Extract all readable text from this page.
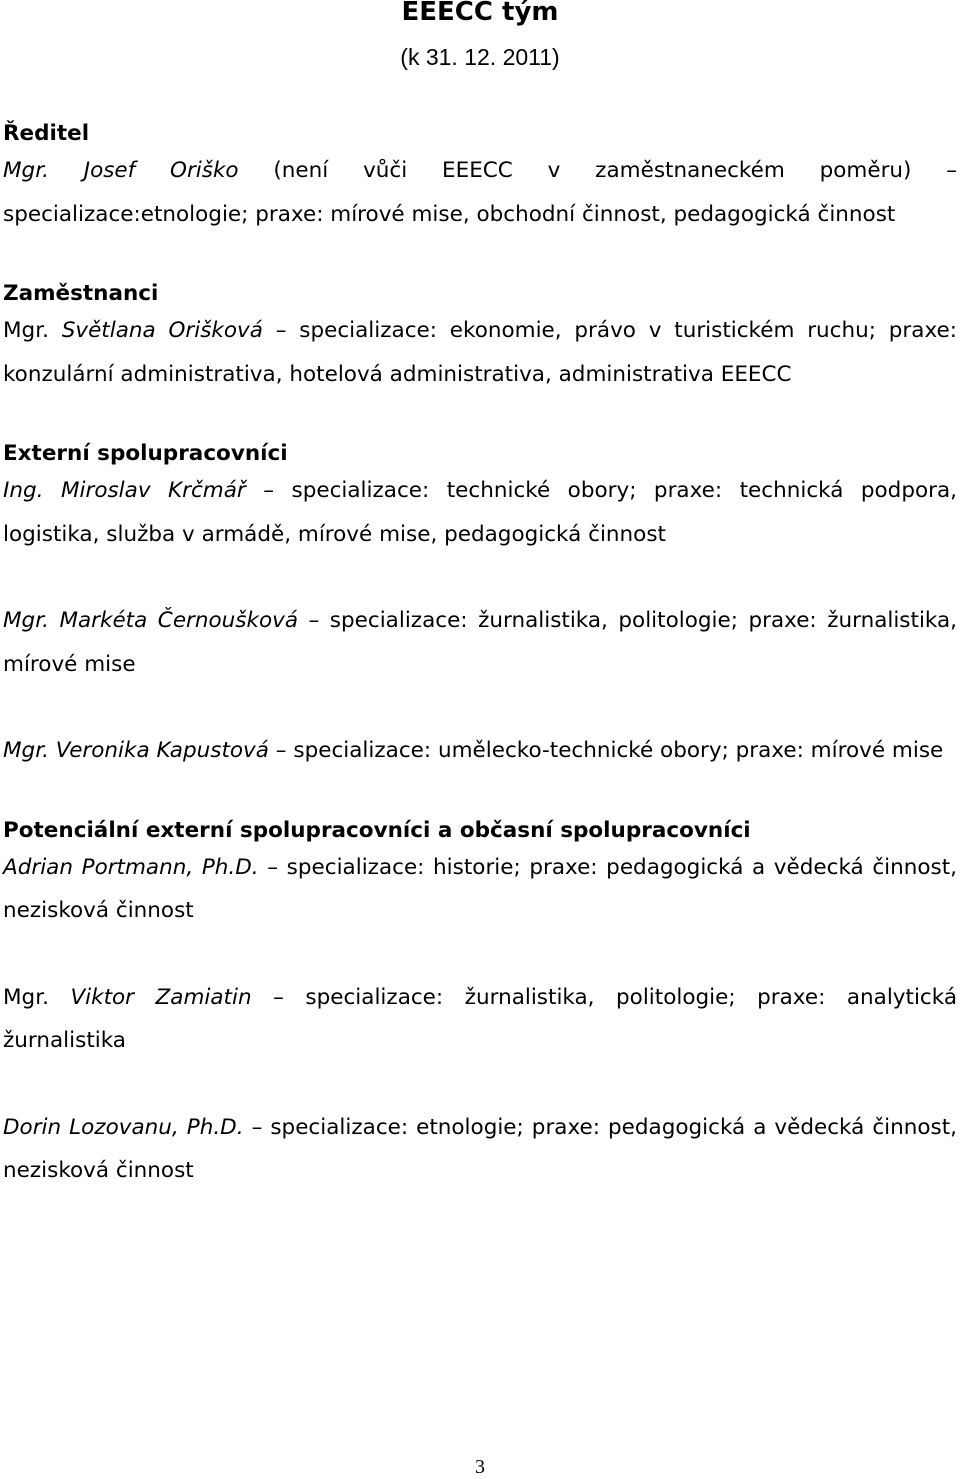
EEECC tým
(k 31. 12. 2011)
Ředitel

Mgr. Josef Oriško (není vůči EEECC v zaměstnaneckém poměru) – specializace:etnologie; praxe: mírové mise, obchodní činnost, pedagogická činnost

Zaměstnanci

Mgr. Světlana Orišková – specializace: ekonomie, právo v turistickém ruchu; praxe: konzulární administrativa, hotelová administrativa, administrativa EEECC

Externí spolupracovníci

Ing. Miroslav Krčmář – specializace: technické obory; praxe: technická podpora, logistika, služba v armádě, mírové mise, pedagogická činnost

Mgr. Markéta Černoušková – specializace: žurnalistika, politologie; praxe: žurnalistika, mírové mise

Mgr. Veronika Kapustová – specializace: umělecko-technické obory; praxe: mírové mise

Potenciální externí spolupracovníci a občasní spolupracovníci

Adrian Portmann, Ph.D. – specializace: historie; praxe: pedagogická a vědecká činnost, nezisková činnost

Mgr. Viktor Zamiatin – specializace: žurnalistika, politologie; praxe: analytická žurnalistika

Dorin Lozovanu, Ph.D. – specializace: etnologie; praxe: pedagogická a vědecká činnost, nezisková činnost

3
